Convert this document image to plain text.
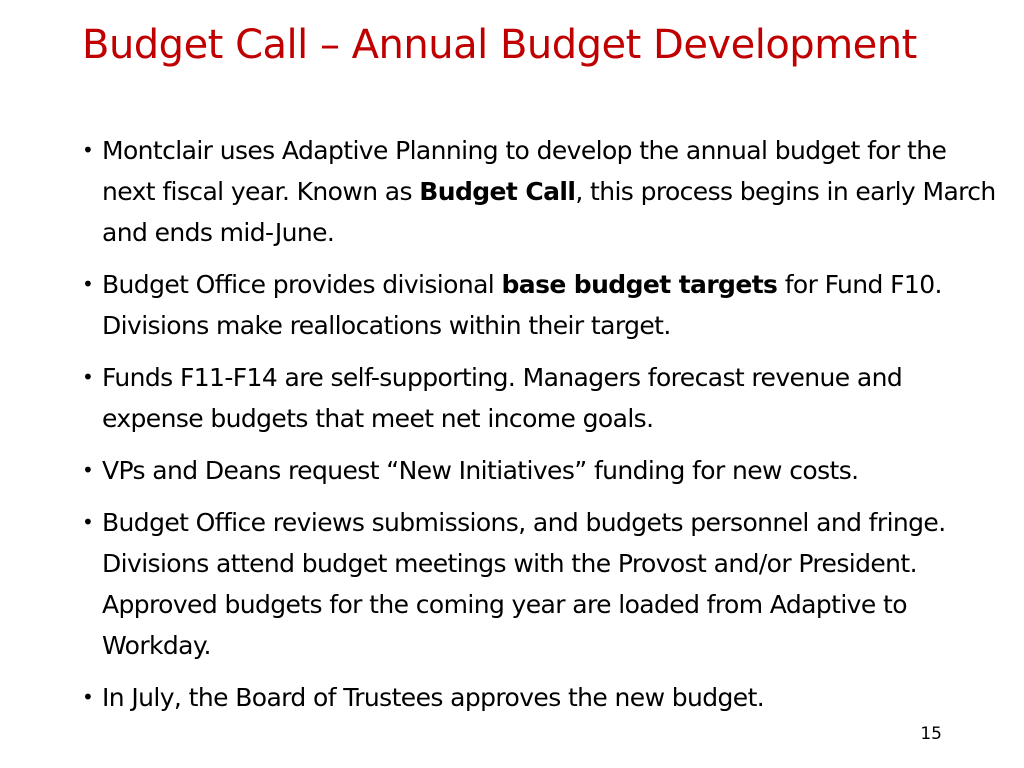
Budget Call – Annual Budget Development
• Montclair uses Adaptive Planning to develop the annual budget for the next fiscal year. Known as Budget Call, this process begins in early March and ends mid-June.
• Budget Office provides divisional base budget targets for Fund F10. Divisions make reallocations within their target.
• Funds F11-F14 are self-supporting. Managers forecast revenue and expense budgets that meet net income goals.
• VPs and Deans request “New Initiatives” funding for new costs.
• Budget Office reviews submissions, and budgets personnel and fringe. Divisions attend budget meetings with the Provost and/or President. Approved budgets for the coming year are loaded from Adaptive to Workday.
• In July, the Board of Trustees approves the new budget.
15
